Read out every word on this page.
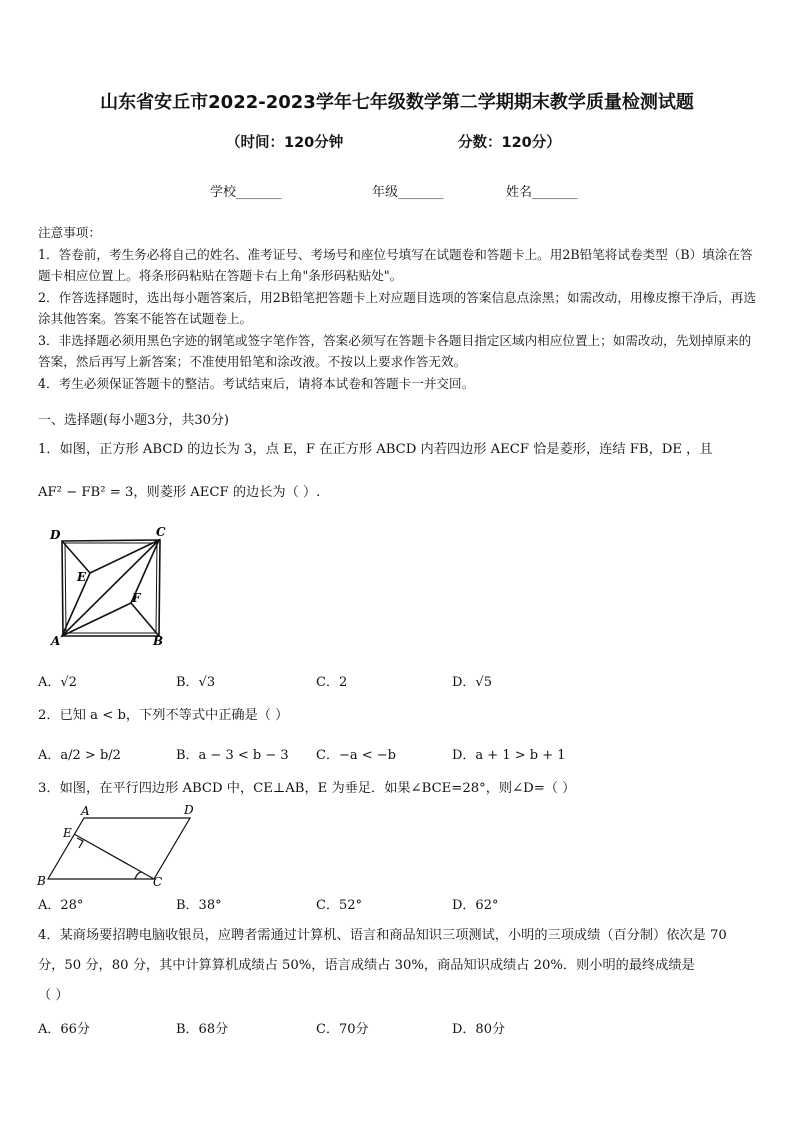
山东省安丘市2022-2023学年七年级数学第二学期期末教学质量检测试题
（时间：120分钟	分数：120分）
学校_______	年级_______	姓名_______
注意事项：
1．答卷前，考生务必将自己的姓名、准考证号、考场号和座位号填写在试题卷和答题卡上。用2B铅笔将试卷类型（B）填涂在答题卡相应位置上。将条形码粘贴在答题卡右上角"条形码粘贴处"。
2．作答选择题时，选出每小题答案后，用2B铅笔把答题卡上对应题目选项的答案信息点涂黑；如需改动，用橡皮擦干净后，再选涂其他答案。答案不能答在试题卷上。
3．非选择题必须用黑色字迹的钢笔或签字笔作答，答案必须写在答题卡各题目指定区域内相应位置上；如需改动，先划掉原来的答案，然后再写上新答案；不准使用铅笔和涂改液。不按以上要求作答无效。
4．考生必须保证答题卡的整洁。考试结束后，请将本试卷和答题卡一并交回。
一、选择题(每小题3分，共30分)
1．如图，正方形 ABCD 的边长为 3，点 E，F 在正方形 ABCD 内若四边形 AECF 恰是菱形，连结 FB，DE ，且
AF² − FB² = 3，则菱形 AECF 的边长为（ ）.
D	C
E
F
A	B
A．√2	B．√3	C．2	D．√5
2．已知 a < b，下列不等式中正确是（ ）
A．a/2 > b/2	B．a − 3 < b − 3 C．−a < −b	D．a + 1 > b + 1
3．如图，在平行四边形 ABCD 中，CE⊥AB，E 为垂足．如果∠BCE=28°，则∠D=（ ）
A	D
E
B	C
A．28°	B．38°	C．52°	D．62°
4．某商场要招聘电脑收银员，应聘者需通过计算机、语言和商品知识三项测试，小明的三项成绩（百分制）依次是 70
分，50 分，80 分，其中计算算机成绩占 50%，语言成绩占 30%，商品知识成绩占 20%．则小明的最终成绩是
（ ）
A．66分	B．68分	C．70分	D．80分
